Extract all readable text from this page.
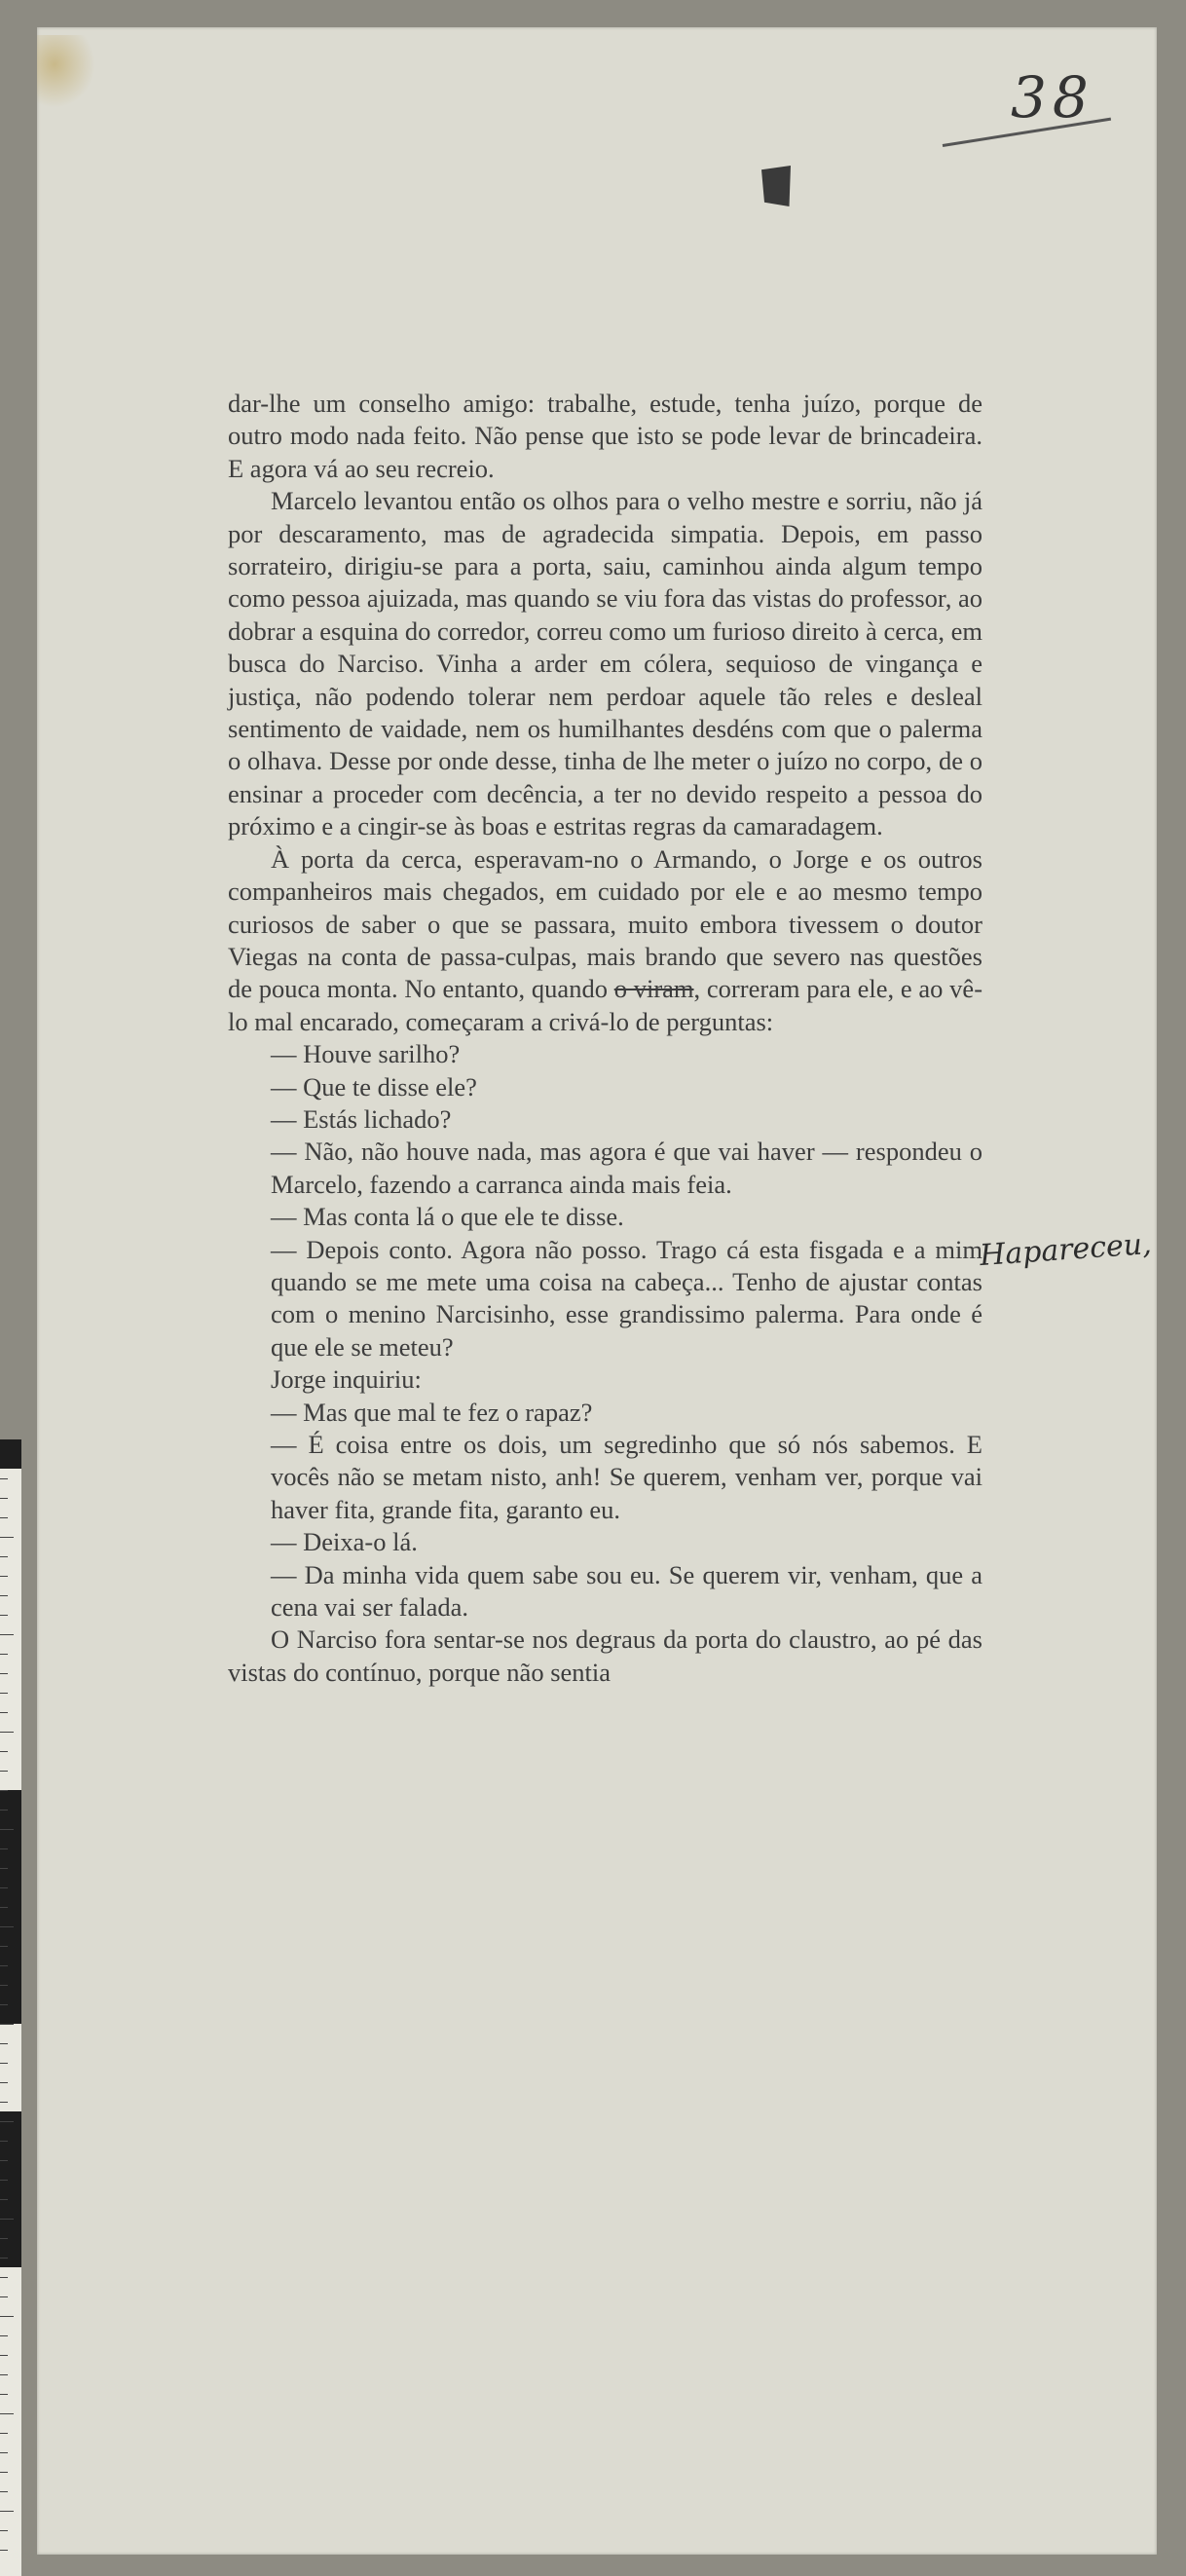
38

dar-lhe um conselho amigo: trabalhe, estude, tenha juízo, porque de outro modo nada feito. Não pense que isto se pode levar de brincadeira. E agora vá ao seu recreio.

Marcelo levantou então os olhos para o velho mestre e sorriu, não já por descaramento, mas de agradecida simpatia. Depois, em passo sorrateiro, dirigiu-se para a porta, saiu, caminhou ainda algum tempo como pessoa ajuizada, mas quando se viu fora das vistas do professor, ao dobrar a esquina do corredor, correu como um furioso direito à cerca, em busca do Narciso. Vinha a arder em cólera, sequioso de vingança e justiça, não podendo tolerar nem perdoar aquele tão reles e desleal sentimento de vaidade, nem os humilhantes desdéns com que o palerma o olhava. Desse por onde desse, tinha de lhe meter o juízo no corpo, de o ensinar a proceder com decência, a ter no devido respeito a pessoa do próximo e a cingir-se às boas e estritas regras da camaradagem.

À porta da cerca, esperavam-no o Armando, o Jorge e os outros companheiros mais chegados, em cuidado por ele e ao mesmo tempo curiosos de saber o que se passara, muito embora tivessem o doutor Viegas na conta de passa-culpas, mais brando que severo nas questões de pouca monta. No entanto, quando o viram, correram para ele, e ao vê-lo mal encarado, começaram a crivá-lo de perguntas:

— Houve sarilho?

— Que te disse ele?

— Estás lichado?

— Não, não houve nada, mas agora é que vai haver — respondeu o Marcelo, fazendo a carranca ainda mais feia.

— Mas conta lá o que ele te disse.

— Depois conto. Agora não posso. Trago cá esta fisgada e a mim quando se me mete uma coisa na cabeça... Tenho de ajustar contas com o menino Narcisinho, esse grandissimo palerma. Para onde é que ele se meteu?

Jorge inquiriu:

— Mas que mal te fez o rapaz?

— É coisa entre os dois, um segredinho que só nós sabemos. E vocês não se metam nisto, anh! Se querem, venham ver, porque vai haver fita, grande fita, garanto eu.

— Deixa-o lá.

— Da minha vida quem sabe sou eu. Se querem vir, venham, que a cena vai ser falada.

O Narciso fora sentar-se nos degraus da porta do claustro, ao pé das vistas do contínuo, porque não sentia

Hapareceu,
